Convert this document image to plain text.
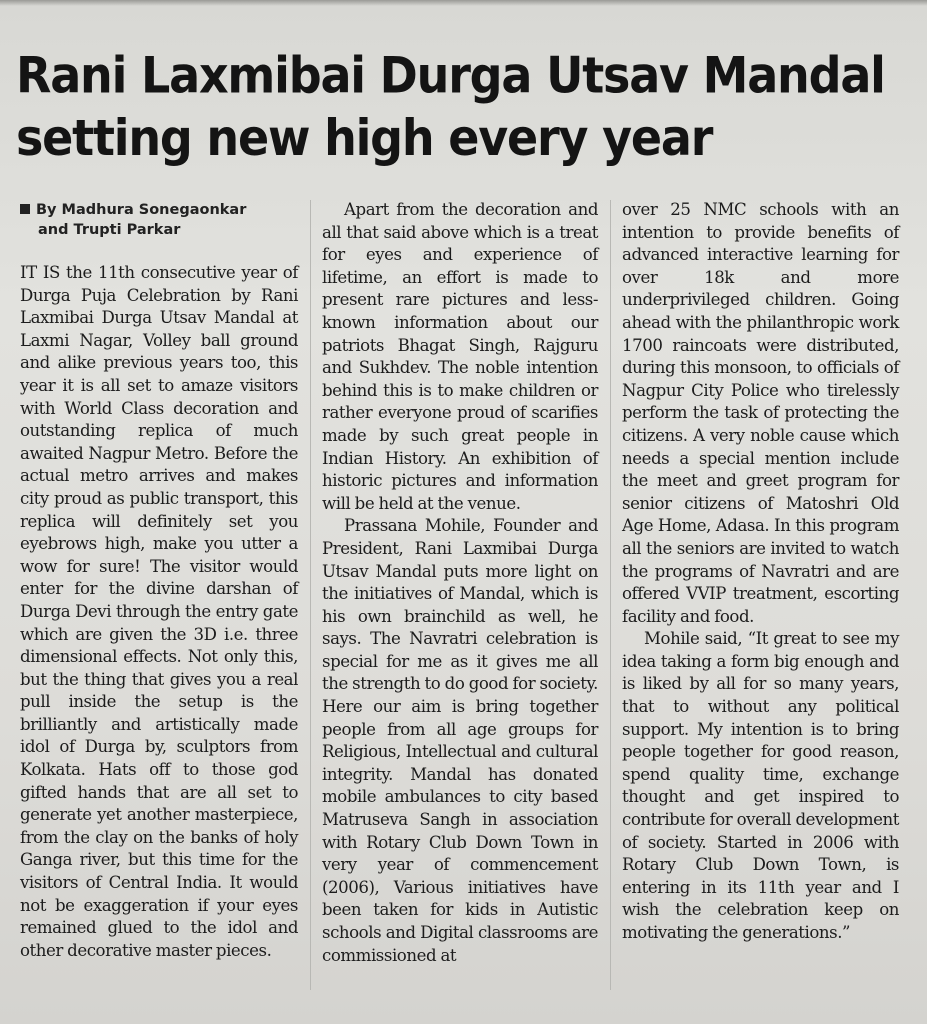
Rani Laxmibai Durga Utsav Mandal
setting new high every year
By Madhura Sonegaonkar
and Trupti Parkar

IT IS the 11th consecutive year of Durga Puja Celebration by Rani Laxmibai Durga Utsav Mandal at Laxmi Nagar, Volley ball ground and alike previous years too, this year it is all set to amaze visitors with World Class decoration and outstanding replica of much awaited Nagpur Metro. Before the actual metro arrives and makes city proud as public transport, this replica will definitely set you eyebrows high, make you utter a wow for sure! The visitor would enter for the divine darshan of Durga Devi through the entry gate which are given the 3D i.e. three dimensional effects. Not only this, but the thing that gives you a real pull inside the setup is the brilliantly and artistically made idol of Durga by, sculptors from Kolkata. Hats off to those god gifted hands that are all set to generate yet another masterpiece, from the clay on the banks of holy Ganga river, but this time for the visitors of Central India. It would not be exaggeration if your eyes remained glued to the idol and other decorative master pieces.

Apart from the decoration and all that said above which is a treat for eyes and experience of lifetime, an effort is made to present rare pictures and less-known information about our patriots Bhagat Singh, Rajguru and Sukhdev. The noble intention behind this is to make children or rather everyone proud of scarifies made by such great people in Indian History. An exhibition of historic pictures and information will be held at the venue.

Prassana Mohile, Founder and President, Rani Laxmibai Durga Utsav Mandal puts more light on the initiatives of Mandal, which is his own brainchild as well, he says. The Navratri celebration is special for me as it gives me all the strength to do good for society. Here our aim is bring together people from all age groups for Religious, Intellectual and cultural integrity. Mandal has donated mobile ambulances to city based Matruseva Sangh in association with Rotary Club Down Town in very year of commencement (2006), Various initiatives have been taken for kids in Autistic schools and Digital classrooms are commissioned at

over 25 NMC schools with an intention to provide benefits of advanced interactive learning for over 18k and more underprivileged children. Going ahead with the philanthropic work 1700 raincoats were distributed, during this monsoon, to officials of Nagpur City Police who tirelessly perform the task of protecting the citizens. A very noble cause which needs a special mention include the meet and greet program for senior citizens of Matoshri Old Age Home, Adasa. In this program all the seniors are invited to watch the programs of Navratri and are offered VVIP treatment, escorting facility and food.

Mohile said, “It great to see my idea taking a form big enough and is liked by all for so many years, that to without any political support. My intention is to bring people together for good reason, spend quality time, exchange thought and get inspired to contribute for overall development of society. Started in 2006 with Rotary Club Down Town, is entering in its 11th year and I wish the celebration keep on motivating the generations.”
